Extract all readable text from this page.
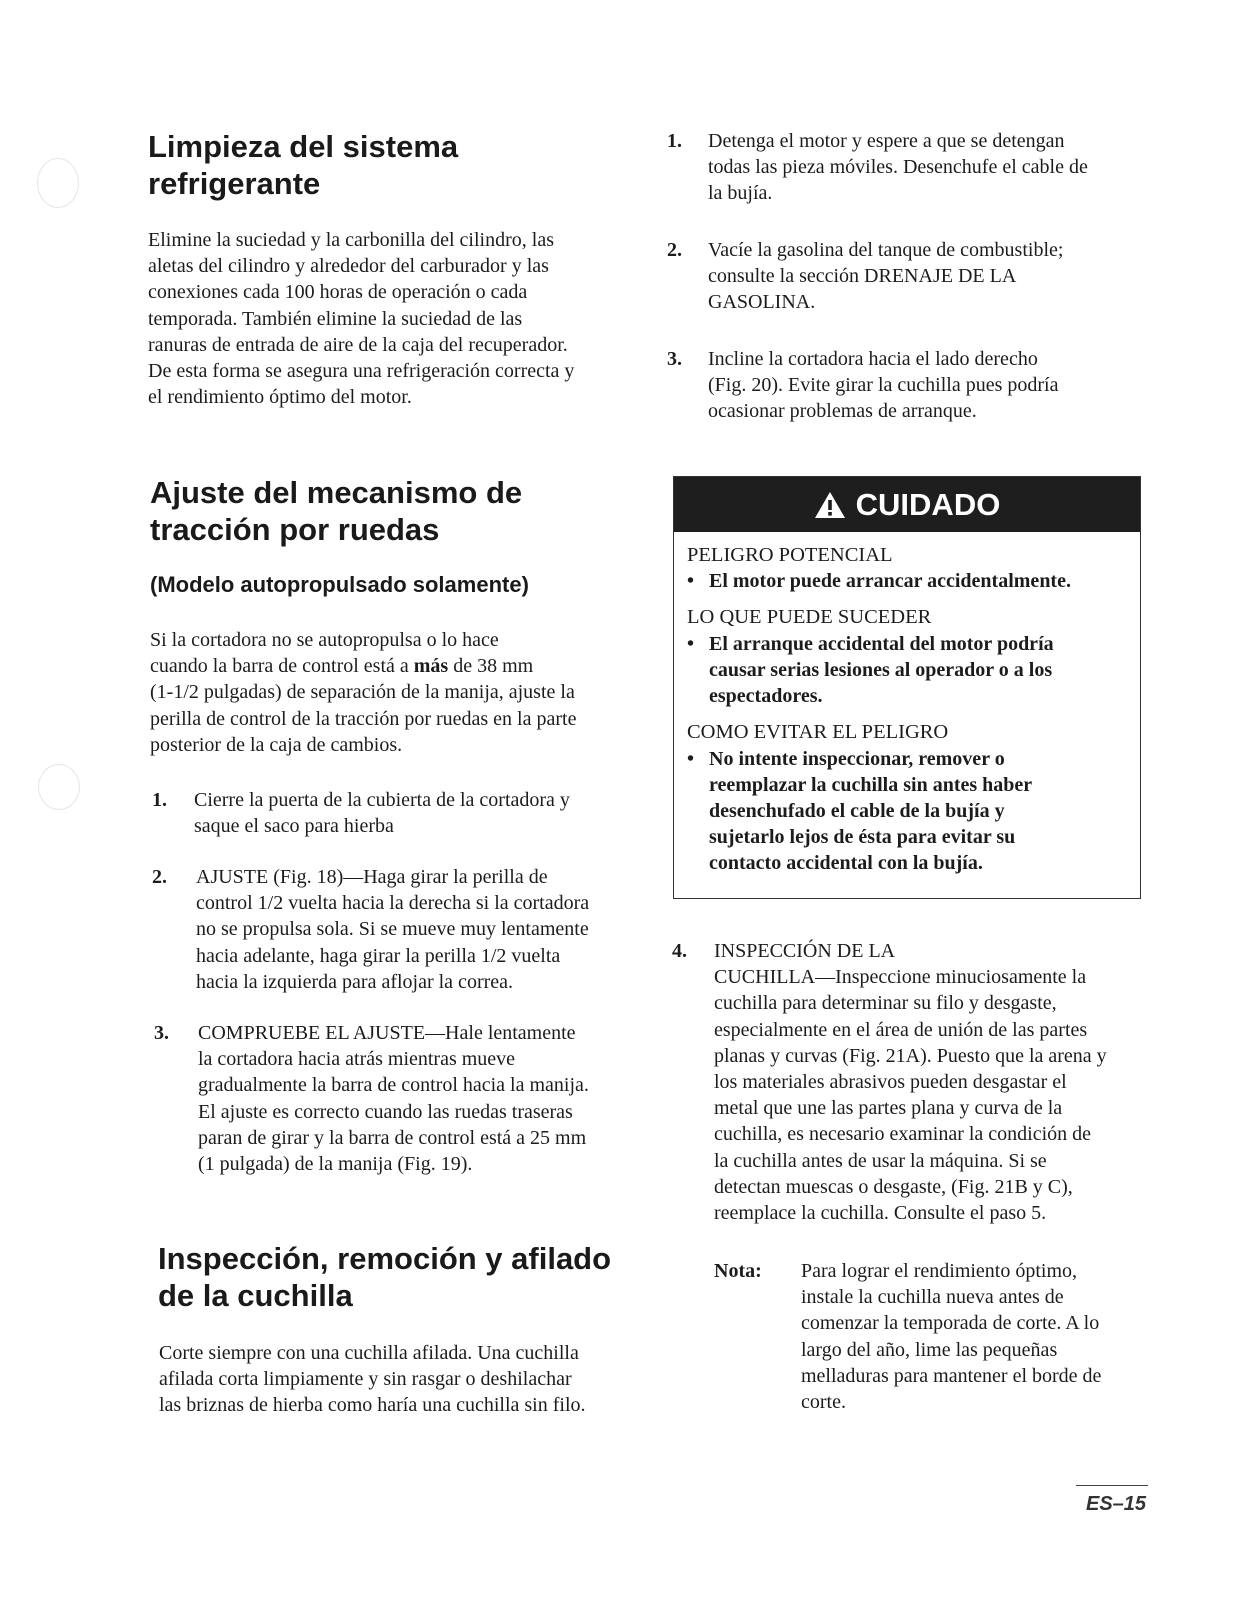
Limpieza del sistema
refrigerante
Elimine la suciedad y la carbonilla del cilindro, las
aletas del cilindro y alrededor del carburador y las
conexiones cada 100 horas de operación o cada
temporada. También elimine la suciedad de las
ranuras de entrada de aire de la caja del recuperador.
De esta forma se asegura una refrigeración correcta y
el rendimiento óptimo del motor.
Ajuste del mecanismo de
tracción por ruedas
(Modelo autopropulsado solamente)
Si la cortadora no se autopropulsa o lo hace
cuando la barra de control está a más de 38 mm
(1-1/2 pulgadas) de separación de la manija, ajuste la
perilla de control de la tracción por ruedas en la parte
posterior de la caja de cambios.
1. Cierre la puerta de la cubierta de la cortadora y
saque el saco para hierba
2. AJUSTE (Fig. 18)—Haga girar la perilla de
control 1/2 vuelta hacia la derecha si la cortadora
no se propulsa sola. Si se mueve muy lentamente
hacia adelante, haga girar la perilla 1/2 vuelta
hacia la izquierda para aflojar la correa.
3. COMPRUEBE EL AJUSTE—Hale lentamente
la cortadora hacia atrás mientras mueve
gradualmente la barra de control hacia la manija.
El ajuste es correcto cuando las ruedas traseras
paran de girar y la barra de control está a 25 mm
(1 pulgada) de la manija (Fig. 19).
Inspección, remoción y afilado
de la cuchilla
Corte siempre con una cuchilla afilada. Una cuchilla
afilada corta limpiamente y sin rasgar o deshilachar
las briznas de hierba como haría una cuchilla sin filo.
1. Detenga el motor y espere a que se detengan
todas las pieza móviles. Desenchufe el cable de
la bujía.
2. Vacíe la gasolina del tanque de combustible;
consulte la sección DRENAJE DE LA
GASOLINA.
3. Incline la cortadora hacia el lado derecho
(Fig. 20). Evite girar la cuchilla pues podría
ocasionar problemas de arranque.
CUIDADO
PELIGRO POTENCIAL
• El motor puede arrancar accidentalmente.
LO QUE PUEDE SUCEDER
• El arranque accidental del motor podría
causar serias lesiones al operador o a los
espectadores.
COMO EVITAR EL PELIGRO
• No intente inspeccionar, remover o
reemplazar la cuchilla sin antes haber
desenchufado el cable de la bujía y
sujetarlo lejos de ésta para evitar su
contacto accidental con la bujía.
4. INSPECCIÓN DE LA
CUCHILLA—Inspeccione minuciosamente la
cuchilla para determinar su filo y desgaste,
especialmente en el área de unión de las partes
planas y curvas (Fig. 21A). Puesto que la arena y
los materiales abrasivos pueden desgastar el
metal que une las partes plana y curva de la
cuchilla, es necesario examinar la condición de
la cuchilla antes de usar la máquina. Si se
detectan muescas o desgaste, (Fig. 21B y C),
reemplace la cuchilla. Consulte el paso 5.
Nota: Para lograr el rendimiento óptimo,
instale la cuchilla nueva antes de
comenzar la temporada de corte. A lo
largo del año, lime las pequeñas
melladuras para mantener el borde de
corte.
ES–15
